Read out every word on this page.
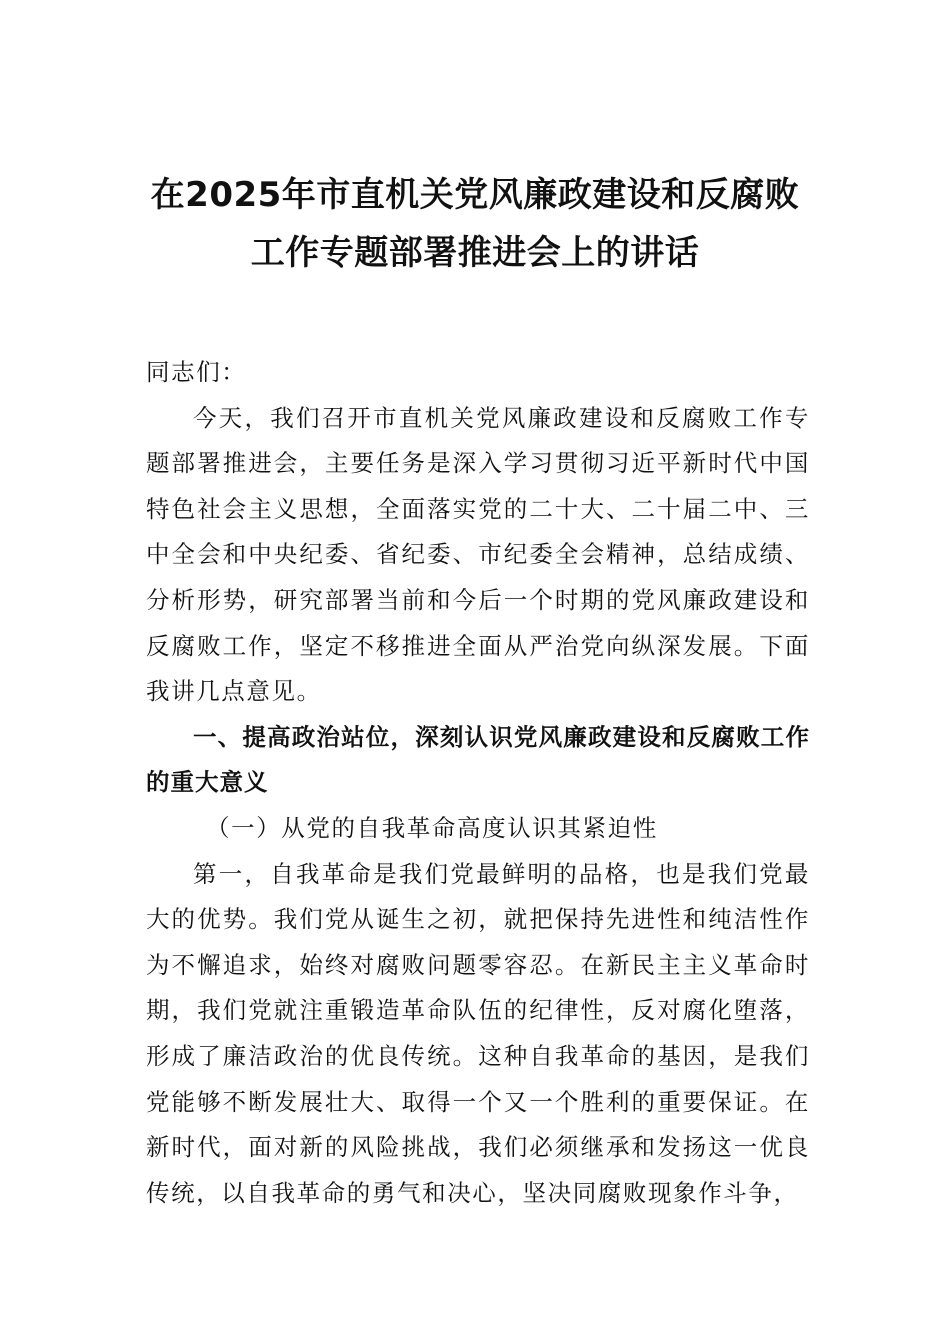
在2025年市直机关党风廉政建设和反腐败
工作专题部署推进会上的讲话

同志们：

今天，我们召开市直机关党风廉政建设和反腐败工作专题部署推进会，主要任务是深入学习贯彻习近平新时代中国特色社会主义思想，全面落实党的二十大、二十届二中、三中全会和中央纪委、省纪委、市纪委全会精神，总结成绩、分析形势，研究部署当前和今后一个时期的党风廉政建设和反腐败工作，坚定不移推进全面从严治党向纵深发展。下面我讲几点意见。

一、提高政治站位，深刻认识党风廉政建设和反腐败工作的重大意义

（一）从党的自我革命高度认识其紧迫性

第一，自我革命是我们党最鲜明的品格，也是我们党最大的优势。我们党从诞生之初，就把保持先进性和纯洁性作为不懈追求，始终对腐败问题零容忍。在新民主主义革命时期，我们党就注重锻造革命队伍的纪律性，反对腐化堕落，形成了廉洁政治的优良传统。这种自我革命的基因，是我们党能够不断发展壮大、取得一个又一个胜利的重要保证。在新时代，面对新的风险挑战，我们必须继承和发扬这一优良传统，以自我革命的勇气和决心，坚决同腐败现象作斗争，
